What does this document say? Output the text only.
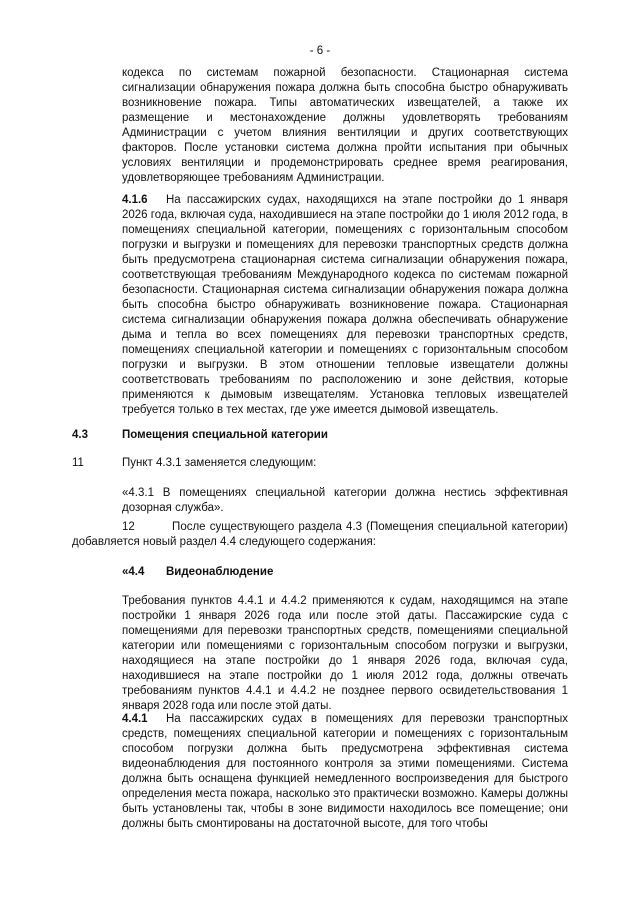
- 6 -
кодекса по системам пожарной безопасности. Стационарная система сигнализации обнаружения пожара должна быть способна быстро обнаруживать возникновение пожара. Типы автоматических извещателей, а также их размещение и местонахождение должны удовлетворять требованиям Администрации с учетом влияния вентиляции и других соответствующих факторов. После установки система должна пройти испытания при обычных условиях вентиляции и продемонстрировать среднее время реагирования, удовлетворяющее требованиям Администрации.
4.1.6 На пассажирских судах, находящихся на этапе постройки до 1 января 2026 года, включая суда, находившиеся на этапе постройки до 1 июля 2012 года, в помещениях специальной категории, помещениях с горизонтальным способом погрузки и выгрузки и помещениях для перевозки транспортных средств должна быть предусмотрена стационарная система сигнализации обнаружения пожара, соответствующая требованиям Международного кодекса по системам пожарной безопасности. Стационарная система сигнализации обнаружения пожара должна быть способна быстро обнаруживать возникновение пожара. Стационарная система сигнализации обнаружения пожара должна обеспечивать обнаружение дыма и тепла во всех помещениях для перевозки транспортных средств, помещениях специальной категории и помещениях с горизонтальным способом погрузки и выгрузки. В этом отношении тепловые извещатели должны соответствовать требованиям по расположению и зоне действия, которые применяются к дымовым извещателям. Установка тепловых извещателей требуется только в тех местах, где уже имеется дымовой извещатель.
4.3	Помещения специальной категории
11	Пункт 4.3.1 заменяется следующим:
«4.3.1 В помещениях специальной категории должна нестись эффективная дозорная служба».
12	После существующего раздела 4.3 (Помещения специальной категории) добавляется новый раздел 4.4 следующего содержания:
«4.4 Видеонаблюдение
Требования пунктов 4.4.1 и 4.4.2 применяются к судам, находящимся на этапе постройки 1 января 2026 года или после этой даты. Пассажирские суда с помещениями для перевозки транспортных средств, помещениями специальной категории или помещениями с горизонтальным способом погрузки и выгрузки, находящиеся на этапе постройки до 1 января 2026 года, включая суда, находившиеся на этапе постройки до 1 июля 2012 года, должны отвечать требованиям пунктов 4.4.1 и 4.4.2 не позднее первого освидетельствования 1 января 2028 года или после этой даты.
4.4.1 На пассажирских судах в помещениях для перевозки транспортных средств, помещениях специальной категории и помещениях с горизонтальным способом погрузки должна быть предусмотрена эффективная система видеонаблюдения для постоянного контроля за этими помещениями. Система должна быть оснащена функцией немедленного воспроизведения для быстрого определения места пожара, насколько это практически возможно. Камеры должны быть установлены так, чтобы в зоне видимости находилось все помещение; они должны быть смонтированы на достаточной высоте, для того чтобы
